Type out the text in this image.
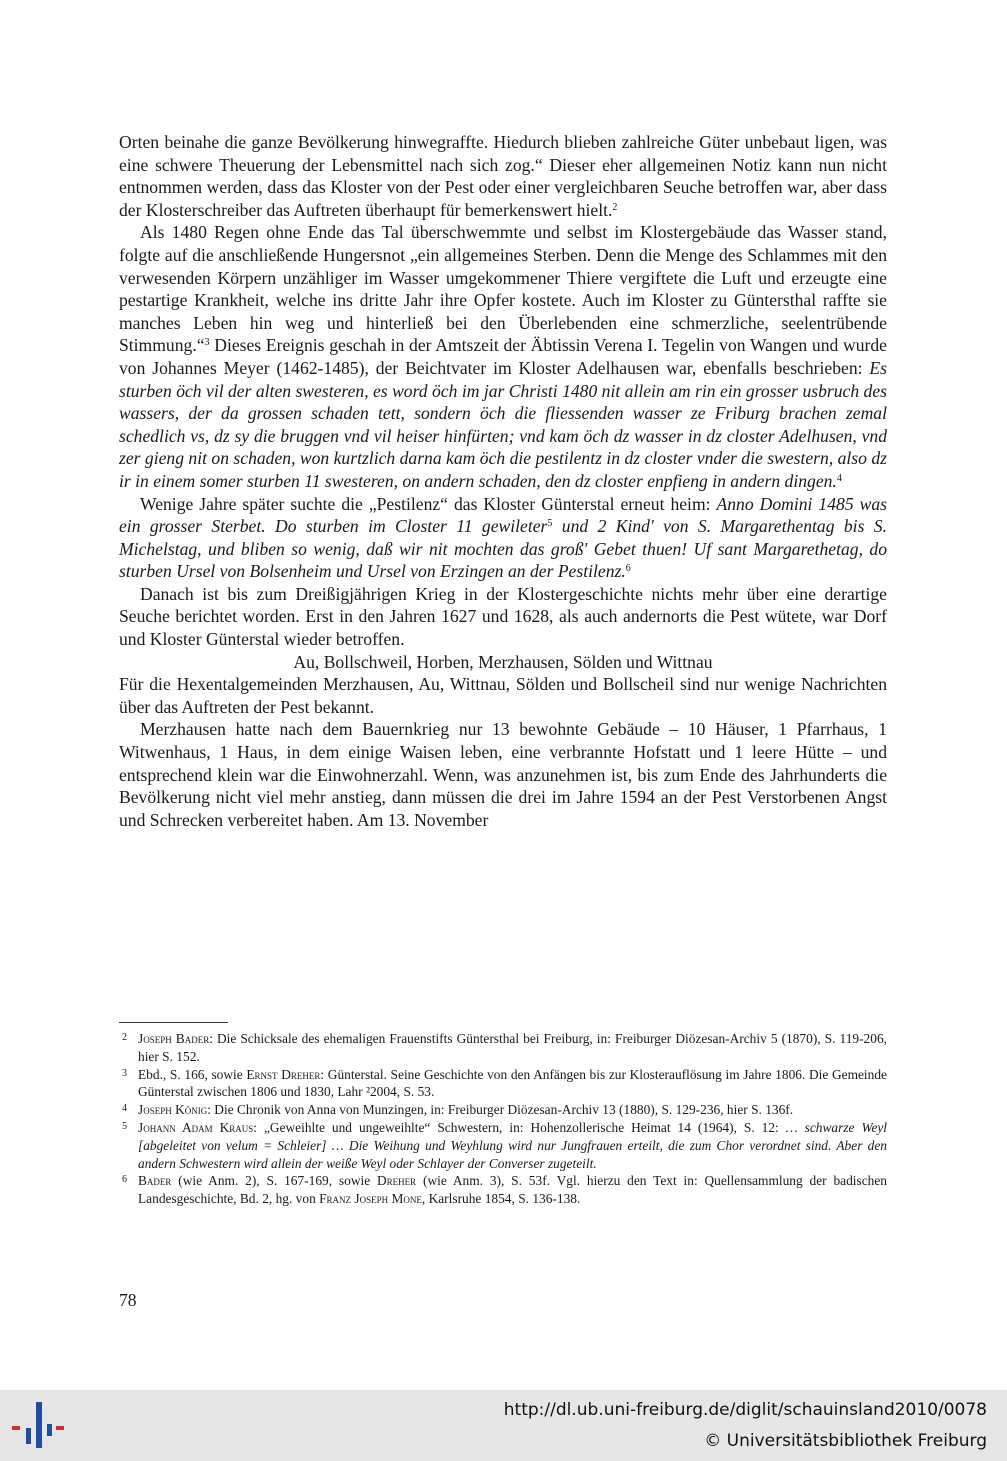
Orten beinahe die ganze Bevölkerung hinwegraffte. Hiedurch blieben zahlreiche Güter unbebaut ligen, was eine schwere Theuerung der Lebensmittel nach sich zog.“ Dieser eher allgemeinen Notiz kann nun nicht entnommen werden, dass das Kloster von der Pest oder einer vergleichbaren Seuche betroffen war, aber dass der Klosterschreiber das Auftreten überhaupt für bemerkenswert hielt.$^2$

Als 1480 Regen ohne Ende das Tal überschwemmte und selbst im Klostergebäude das Wasser stand, folgte auf die anschließende Hungersnot „ein allgemeines Sterben. Denn die Menge des Schlammes mit den verwesenden Körpern unzähliger im Wasser umgekommener Thiere vergiftete die Luft und erzeugte eine pestartige Krankheit, welche ins dritte Jahr ihre Opfer kostete. Auch im Kloster zu Güntersthal raffte sie manches Leben hin weg und hinterließ bei den Überlebenden eine schmerzliche, seelentrübende Stimmung.“$^3$ Dieses Ereignis geschah in der Amtszeit der Äbtissin Verena I. Tegelin von Wangen und wurde von Johannes Meyer (1462-1485), der Beichtvater im Kloster Adelhausen war, ebenfalls beschrieben: Es sturben öch vil der alten swesteren, es word öch im jar Christi 1480 nit allein am rin ein grosser usbruch des wassers, der da grossen schaden tett, sondern öch die fliessenden wasser ze Friburg brachen zemal schedlich vs, dz sy die bruggen vnd vil heiser hinfürten; vnd kam öch dz wasser in dz closter Adelhusen, vnd zer gieng nit on schaden, won kurtzlich darna kam öch die pestilentz in dz closter vnder die swestern, also dz ir in einem somer sturben 11 swesteren, on andern schaden, den dz closter enpfieng in andern dingen.$^4$

Wenige Jahre später suchte die „Pestilenz“ das Kloster Günterstal erneut heim: Anno Domini 1485 was ein grosser Sterbet. Do sturben im Closter 11 gewileter$^5$ und 2 Kind' von S. Margarethentag bis S. Michelstag, und bliben so wenig, daß wir nit mochten das groß' Gebet thuen! Uf sant Margarethetag, do sturben Ursel von Bolsenheim und Ursel von Erzingen an der Pestilenz.$^6$

Danach ist bis zum Dreißigjährigen Krieg in der Klostergeschichte nichts mehr über eine derartige Seuche berichtet worden. Erst in den Jahren 1627 und 1628, als auch andernorts die Pest wütete, war Dorf und Kloster Günterstal wieder betroffen.

Au, Bollschweil, Horben, Merzhausen, Sölden und Wittnau

Für die Hexentalgemeinden Merzhausen, Au, Wittnau, Sölden und Bollscheil sind nur wenige Nachrichten über das Auftreten der Pest bekannt.

Merzhausen hatte nach dem Bauernkrieg nur 13 bewohnte Gebäude – 10 Häuser, 1 Pfarrhaus, 1 Witwenhaus, 1 Haus, in dem einige Waisen leben, eine verbrannte Hofstatt und 1 leere Hütte – und entsprechend klein war die Einwohnerzahl. Wenn, was anzunehmen ist, bis zum Ende des Jahrhunderts die Bevölkerung nicht viel mehr anstieg, dann müssen die drei im Jahre 1594 an der Pest Verstorbenen Angst und Schrecken verbereitet haben. Am 13. November

2 Joseph Bader: Die Schicksale des ehemaligen Frauenstifts Güntersthal bei Freiburg, in: Freiburger Diözesan-Archiv 5 (1870), S. 119-206, hier S. 152.

3 Ebd., S. 166, sowie Ernst Dreher: Günterstal. Seine Geschichte von den Anfängen bis zur Klosterauflösung im Jahre 1806. Die Gemeinde Günterstal zwischen 1806 und 1830, Lahr ²2004, S. 53.

4 Joseph König: Die Chronik von Anna von Munzingen, in: Freiburger Diözesan-Archiv 13 (1880), S. 129-236, hier S. 136f.

5 Johann Adam Kraus: „Geweihlte und ungeweihlte“ Schwestern, in: Hohenzollerische Heimat 14 (1964), S. 12: … schwarze Weyl [abgeleitet von velum = Schleier] … Die Weihung und Weyhlung wird nur Jungfrauen erteilt, die zum Chor verordnet sind. Aber den andern Schwestern wird allein der weiße Weyl oder Schlayer der Converser zugeteilt.

6 Bader (wie Anm. 2), S. 167-169, sowie Dreher (wie Anm. 3), S. 53f. Vgl. hierzu den Text in: Quellensammlung der badischen Landesgeschichte, Bd. 2, hg. von Franz Joseph Mone, Karlsruhe 1854, S. 136-138.

78
http://dl.ub.uni-freiburg.de/diglit/schauinsland2010/0078
© Universitätsbibliothek Freiburg
